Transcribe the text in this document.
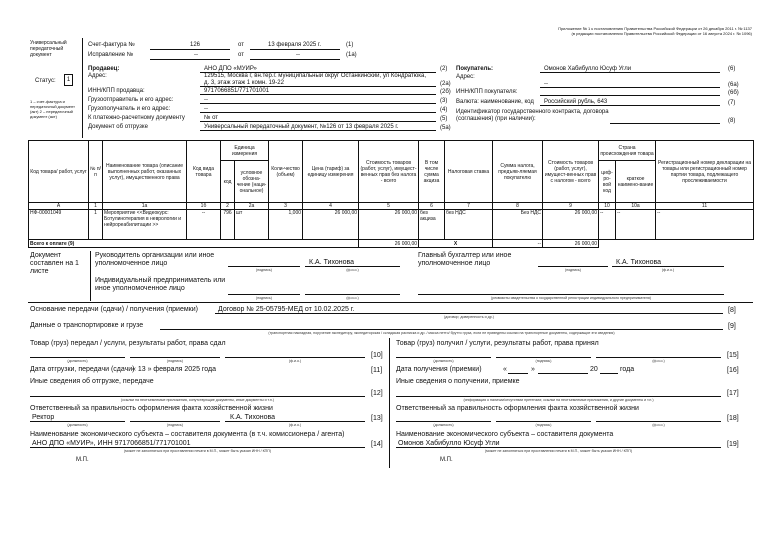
Приложение № 1 к постановлению Правительства Российской Федерации от 26 декабря 2011 г. № 1137
(в редакции постановления Правительства Российской Федерации от 16 августа 2024 г. № 1096)
Универсальный передаточный документ
Статус:	1
1 – счет-фактура и передаточный документ (акт) 2 – передаточный документ (акт)
Счет-фактура №	126	от	13 февраля 2025 г.	(1)
Исправление №	--	от	--	(1а)
Продавец:	АНО ДПО «МУИР»	(2)
Адрес:	129515, Москва г, вн.тер.г. муниципальный округ Останкинский, ул Кондратюка,
д. 3, этаж этаж 1 комн. 19-22	(2а)
ИНН/КПП продавца:	9717066851/771701001	(2б)
Покупатель:	Омонов Хабибулло Юсуф Угли	(6)
Адрес:
--	(6а)
ИНН/КПП покупателя:	(6б)
Грузоотправитель и его адрес:	--	(3)
Грузополучатель и его адрес:	--	(4)
К платежно-расчетному документу	№ от	(5)
Документ об отгрузке	Универсальный передаточный документ, №126 от 13 февраля 2025 г.	(5а)
Валюта: наименование, код Российский рубль, 643	(7)
Идентификатор государственного контракта, договора (соглашения) (при наличии):	(8)
Код товара/ работ, услуг	№ п/п	Наименование товара (описание выполненных работ, оказанных услуг), имущественного права	Код вида товара	Единица измерения		Коли-чество (объем)	Цена (тариф) за единицу измерения	Стоимость товаров (работ, услуг), имущест-венных прав без налога - всего	В том числе сумма акциза	Налоговая ставка	Сумма налога, предъяв-ляемая покупателю	Стоимость товаров (работ, услуг), имущест-венных прав с налогом - всего	Страна происхождения товара		Регистрационный номер декларации на товары или регистрационный номер партии товара, подлежащего прослеживаемости
				код	условное обозна-чение (наци-ональное)								циф-ро-вой код	краткое наимено-вание	
А	1	1а	1б	2	2а	3	4	5	6	7	8	9	10	10а	11
НФ-00001049	1	Мероприятие <<Видеокурс: Ботулинотерапия в неврологии и нейрореабилитации >>	--	796	шт	1,000	26 000,00	26 000,00	без акциза	без НДС	Без НДС	26 000,00	--	--	--
Всего к оплате (9)								26 000,00	X		--	26 000,00			
Документ составлен на 1 листе
Руководитель организации или иное уполномоченное лицо	К.А. Тихонова
(подпись)	(ф.и.о.)
Главный бухгалтер или иное уполномоченное лицо	К.А. Тихонова
(подпись)	(ф.и.о.)
Индивидуальный предприниматель или иное уполномоченное лицо
(подпись)	(ф.и.о.)	(реквизиты свидетельства о государственной регистрации индивидуального предпринимателя)
Основание передачи (сдачи) / получения (приемки)	Договор № 25-05795-МЕД от 10.02.2025 г.	[8]
(договор; доверенность и др.)
Данные о транспортировке и грузе	[9]
(транспортная накладная, поручение экспедитору, экспедиторская / складская расписка и др. / масса нетто/ брутто груза, если не приведены ссылки на транспортные документы, содержащие эти сведения)
Товар (груз) передал / услуги, результаты работ, права сдал
[10]
(должность)	(подпись)	(ф.и.о.)
Дата отгрузки, передачи (сдачи)
« 13 » февраля 2025 года	[11]
Иные сведения об отгрузке, передаче
[12]
(ссылки на неотъемлемые приложения, сопутствующие документы, иные документы и т.п.)
Ответственный за правильность оформления факта хозяйственной жизни
Ректор	К.А. Тихонова	[13]
(должность)	(подпись)	(ф.и.о.)
Наименование экономического субъекта – составителя документа (в т.ч. комиссионера / агента)
АНО ДПО «МУИР», ИНН 9717066851/771701001	[14]
(может не заполняться при проставлении печати в М.П., может быть указан ИНН / КПП)
М.П.
Товар (груз) получил / услуги, результаты работ, права принял
[15]
(должность)	(подпись)	(ф.и.о.)
Дата получения (приемки)	«	»	20	года	[16]
Иные сведения о получении, приемке
[17]
(информация о наличии/отсутствии претензии; ссылки на неотъемлемые приложения, и другие документы и т.п.)
Ответственный за правильность оформления факта хозяйственной жизни
[18]
(должность)	(подпись)	(ф.и.о.)
Наименование экономического субъекта – составителя документа
Омонов Хабибулло Юсуф Угли	[19]
(может не заполняться при проставлении печати в М.П., может быть указан ИНН / КПП)
М.П.
